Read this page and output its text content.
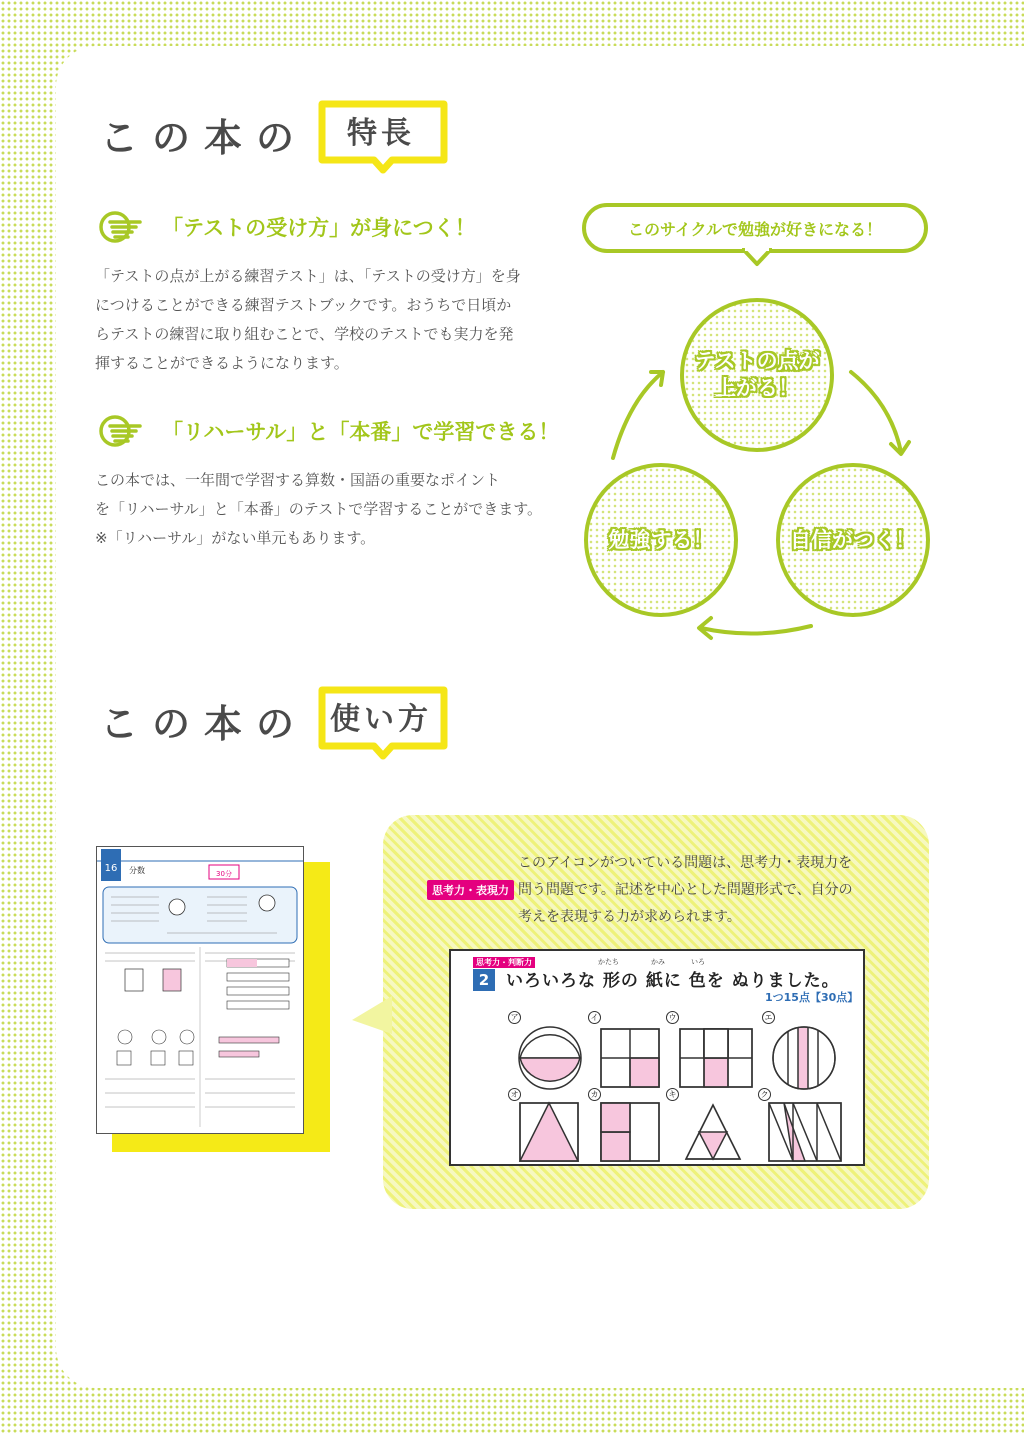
この本の	特長
「テストの受け方」が身につく！
「テストの点が上がる練習テスト」は、「テストの受け方」を身
につけることができる練習テストブックです。おうちで日頃か
らテストの練習に取り組むことで、学校のテストでも実力を発
揮することができるようになります。
「リハーサル」と「本番」で学習できる！
この本では、一年間で学習する算数・国語の重要なポイント
を「リハーサル」と「本番」のテストで学習することができます。
※「リハーサル」がない単元もあります。
このサイクルで勉強が好きになる！
テストの点が
上がる！
自信がつく！
勉強する！
この本の 使い方
16 分数	30分
思考力・表現力
このアイコンがついている問題は、思考力・表現力を
問う問題です。記述を中心とした問題形式で、自分の
考えを表現する力が求められます。
思考力・判断力
2 いろいろな 形の 紙に 色を ぬりました。
かたち	かみ	いろ
1つ15点【30点】
ア	イ	ウ	エ
オ	カ	キ	ク
